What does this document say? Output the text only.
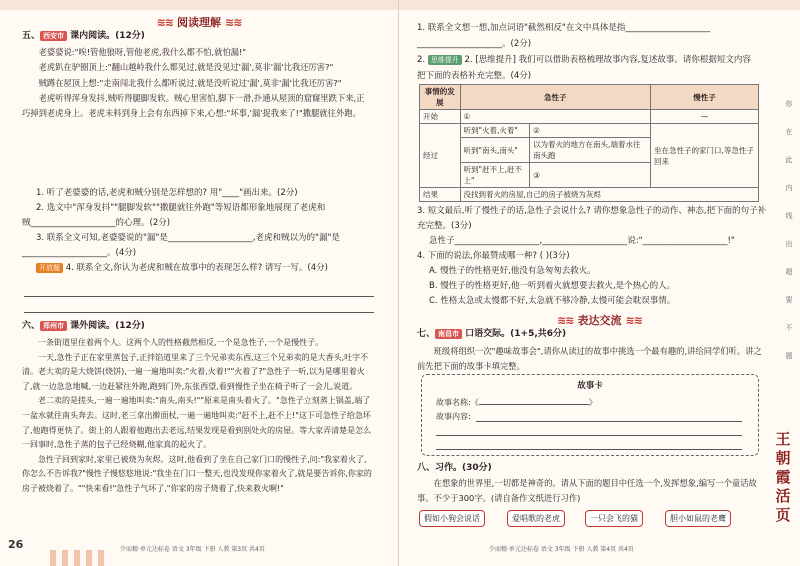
≋≋ 阅读理解 ≋≋
五、 西安市 课内阅读。(12分)
老婆婆说:"唉!管他狼呀,管他老虎,我什么都不怕,就怕漏!"
老虎趴在驴圈顶上:"翻山越岭我什么都见过,就是没见过'漏',莫非'漏'比我还厉害?"
贼蹲在屋顶上想:"走南闯北我什么都听说过,就是没听说过'漏',莫非'漏'比我还厉害?"
老虎听得浑身发抖,贼听得腿脚发软。贼心里害怕,脚下一滑,扑通从屋顶的窟窿里跌下来,正巧掉到老虎身上。老虎未料到身上会有东西掉下来,心想:"坏事,'漏'捉我来了!"撒腿就往外跑。
1. 听了老婆婆的话,老虎和贼分别是怎样想的? 用"____"画出来。(2分)
2. 选文中"浑身发抖""腿脚发软""撒腿就往外跑"等短语都形象地展现了老虎和
贼____________________的心理。(2分)
3. 联系全文可知,老婆婆说的"漏"是____________________,老虎和贼以为的"漏"是
____________________。(4分)
开放题 4. 联系全文,你认为老虎和贼在故事中的表现怎么样? 请写一写。(4分)
六、 郑州市 课外阅读。(12分)
一条街道里住着两个人。这两个人的性格截然相反,一个是急性子,一个是慢性子。
一天,急性子正在家里蒸包子,正拌馅道里来了三个兄弟卖东西,这三个兄弟卖的是大香头,吐字不清。老大卖的是大烧饼(烧饼),一遍一遍地叫卖:"火着,火着!""火着了?"急性子一听,以为是哪里着火了,就一边急急地喊,一边赶紧往外跑,跑到门外,东张西望,看到慢性子坐在椅子听了一会儿,说道。
老二卖的是搓头,一遍一遍地叫卖:"南头,南头!""原来是南头着火了。"急性子立刻蒸上锅盖,端了一盆水就往南头奔去。这时,老三拿出擀面杖,一遍一遍地叫卖:"赶不上,赶不上!"这下可急性子给急坏了,他跑得更快了。街上的人跟着他跑出去老远,结果发现是看到别处火的房屋。等大家弄清楚是怎么一回事时,急性子蒸的包子已经烧糊,他家真的起火了。
急性子回到家时,家里已被烧为灰烬。这时,他看到了坐在自己家门口的慢性子,问:"我家着火了,你怎么不告诉我?"慢性子慢悠悠地说:"我坐在门口一整天,也没发现你家着火了,就是要告诉你,你家的房子被烧着了。""快来看!"急性子气坏了,"你家的房子烧着了,快来救火啊!"
26	少而精·单元达标卷 语文 3年级 下册 人教 第3页 共4页
1. 联系全文想一想,加点词语"截然相反"在文中具体是指____________________
____________________。(2分)
2. 思维提升 2. [思维提升] 我们可以借助表格梳理故事内容,复述故事。请你根据短文内容把下面的表格补充完整。(4分)
事情的发展	急性子		慢性子
开始	①		—
经过	听到"火着,火着"	②	坐在急性子的家门口,等急性子回来
	听到"南头,南头"	以为着火的地方在南头,端着水往南头跑	
	听到"赶不上,赶不上"	③	
结果	没找到着火的房屋,自己的房子被烧为灰烬		
3. 短文最后,听了慢性子的话,急性子会说什么? 请你想象急性子的动作、神态,把下面的句子补充完整。(3分)
急性子____________________,____________________说:"____________________!"
4. 下面的说法,你最赞成哪一种? ( )(3分)
A. 慢性子的性格更好,他没有急匆匆去救火。
B. 慢性子的性格更好,他一听到着火就想要去救火,是个热心的人。
C. 性格太急或太慢都不好,太急就不够冷静,太慢可能会耽误事情。
≋≋ 表达交流 ≋≋
七、 南昌市 口语交际。(1+5,共6分)
班级将组织一次"趣味故事会",请你从读过的故事中挑选一个最有趣的,讲给同学们听。讲之前先把下面的故事卡填完整。
故事卡
故事名称:《	》
故事内容:
八、习作。(30分)
在想象的世界里,一切都是神奇的。请从下面的题目中任选一个,发挥想象,编写一个童话故事。不少于300字。(请自备作文纸进行习作)
假如小狗会说话	爱唱歌的老虎	一只会飞的猫	胆小如鼠的老鹰
少而精·单元达标卷 语文 3年级 下册 人教 第4页 共4页
你
在
此
内
线
出
超
要
不
题
王朝霞活页
